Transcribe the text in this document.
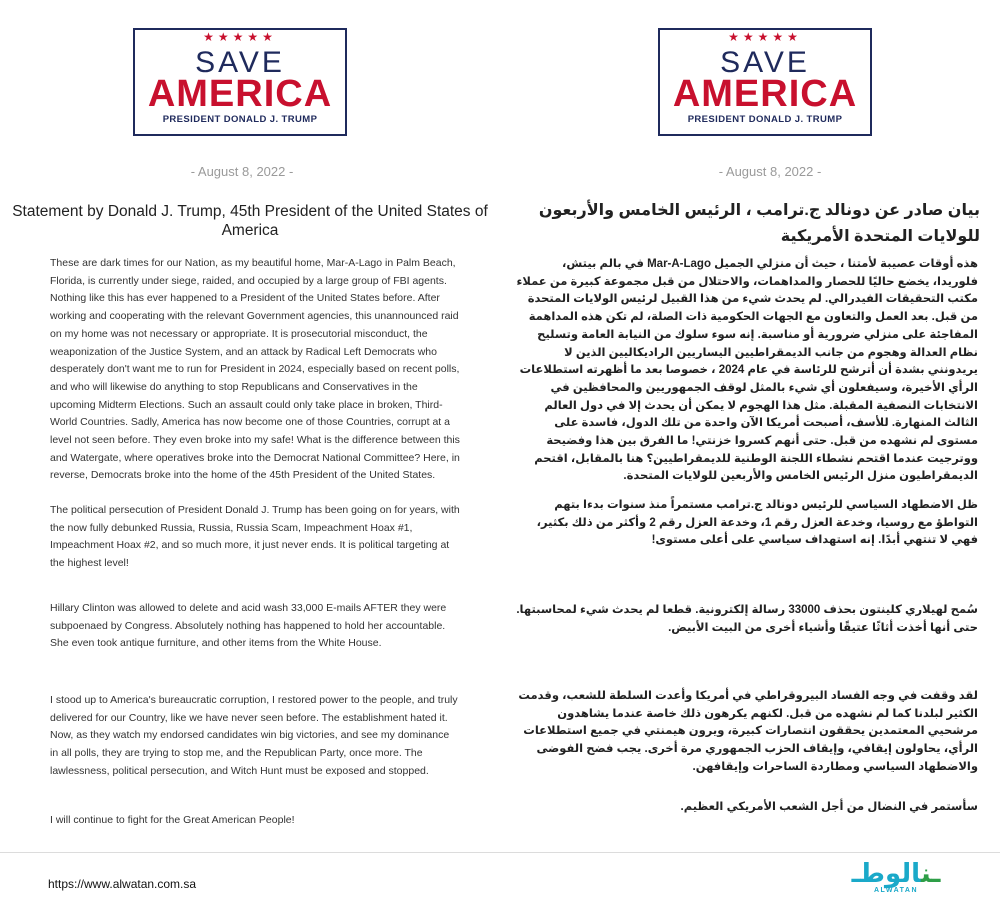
★★★★★
SAVE
AMERICA
PRESIDENT DONALD J. TRUMP
- August 8, 2022 -
Statement by Donald J. Trump, 45th President of the United States of America
These are dark times for our Nation, as my beautiful home, Mar-A-Lago in Palm Beach, Florida, is currently under siege, raided, and occupied by a large group of FBI agents. Nothing like this has ever happened to a President of the United States before. After working and cooperating with the relevant Government agencies, this unannounced raid on my home was not necessary or appropriate. It is prosecutorial misconduct, the weaponization of the Justice System, and an attack by Radical Left Democrats who desperately don't want me to run for President in 2024, especially based on recent polls, and who will likewise do anything to stop Republicans and Conservatives in the upcoming Midterm Elections. Such an assault could only take place in broken, Third-World Countries. Sadly, America has now become one of those Countries, corrupt at a level not seen before. They even broke into my safe! What is the difference between this and Watergate, where operatives broke into the Democrat National Committee? Here, in reverse, Democrats broke into the home of the 45th President of the United States.
The political persecution of President Donald J. Trump has been going on for years, with the now fully debunked Russia, Russia, Russia Scam, Impeachment Hoax #1, Impeachment Hoax #2, and so much more, it just never ends. It is political targeting at the highest level!
Hillary Clinton was allowed to delete and acid wash 33,000 E-mails AFTER they were subpoenaed by Congress. Absolutely nothing has happened to hold her accountable. She even took antique furniture, and other items from the White House.
I stood up to America's bureaucratic corruption, I restored power to the people, and truly delivered for our Country, like we have never seen before. The establishment hated it. Now, as they watch my endorsed candidates win big victories, and see my dominance in all polls, they are trying to stop me, and the Republican Party, once more. The lawlessness, political persecution, and Witch Hunt must be exposed and stopped.
I will continue to fight for the Great American People!
★★★★★
SAVE
AMERICA
PRESIDENT DONALD J. TRUMP
- August 8, 2022 -
بيان صادر عن دونالد ج.ترامب ، الرئيس الخامس والأربعون للولايات المتحدة الأمريكية
هذه أوقات عصيبة لأمتنا ، حيث أن منزلي الجميل Mar-A-Lago في بالم بيتش، فلوريدا، يخضع حاليًا للحصار والمداهمات، والاحتلال من قبل مجموعة كبيرة من عملاء مكتب التحقيقات الفيدرالي. لم يحدث شيء من هذا القبيل لرئيس الولايات المتحدة من قبل. بعد العمل والتعاون مع الجهات الحكومية ذات الصلة، لم تكن هذه المداهمة المفاجئة على منزلي ضرورية أو مناسبة. إنه سوء سلوك من النيابة العامة وتسليح نظام العدالة وهجوم من جانب الديمقراطيين اليساريين الراديكاليين الذين لا يريدونني بشدة أن أترشح للرئاسة في عام 2024 ، خصوصا بعد ما أظهرته استطلاعات الرأي الأخيرة، وسيفعلون أي شيء بالمثل لوقف الجمهوريين والمحافظين في الانتخابات النصفية المقبلة. مثل هذا الهجوم لا يمكن أن يحدث إلا في دول العالم الثالث المنهارة. للأسف، أصبحت أمريكا الآن واحدة من تلك الدول، فاسدة على مستوى لم نشهده من قبل. حتى أنهم كسروا خزنتي! ما الفرق بين هذا وفضيحة ووترجيت عندما اقتحم نشطاء اللجنة الوطنية للديمقراطيين؟ هنا بالمقابل، اقتحم الديمقراطيون منزل الرئيس الخامس والأربعين للولايات المتحدة.
ظل الاضطهاد السياسي للرئيس دونالد ج.ترامب مستمراً منذ سنوات بدءا بتهم التواطؤ مع روسيا، وخدعة العزل رقم 1، وخدعة العزل رقم 2 وأكثر من ذلك بكثير، فهي لا تنتهي أبدًا. إنه استهداف سياسي على أعلى مستوى!
سُمح لهيلاري كلينتون بحذف 33000 رسالة إلكترونية. قطعا لم يحدث شيء لمحاسبتها. حتى أنها أخذت أثاثًا عتيقًا وأشياء أخرى من البيت الأبيض.
لقد وقفت في وجه الفساد البيروقراطي في أمريكا وأعدت السلطة للشعب، وقدمت الكثير لبلدنا كما لم نشهده من قبل. لكنهم يكرهون ذلك خاصة عندما يشاهدون مرشحيي المعتمدين يحققون انتصارات كبيرة، ويرون هيمنتي في جميع استطلاعات الرأي، يحاولون إيقافي، وإيقاف الحزب الجمهوري مرة أخرى. يجب فضح الفوضى والاضطهاد السياسي ومطاردة الساحرات وإيقافهن.
سأستمر في النضال من أجل الشعب الأمريكي العظيم.
https://www.alwatan.com.sa	ـنالوطـ
ALWATAN
